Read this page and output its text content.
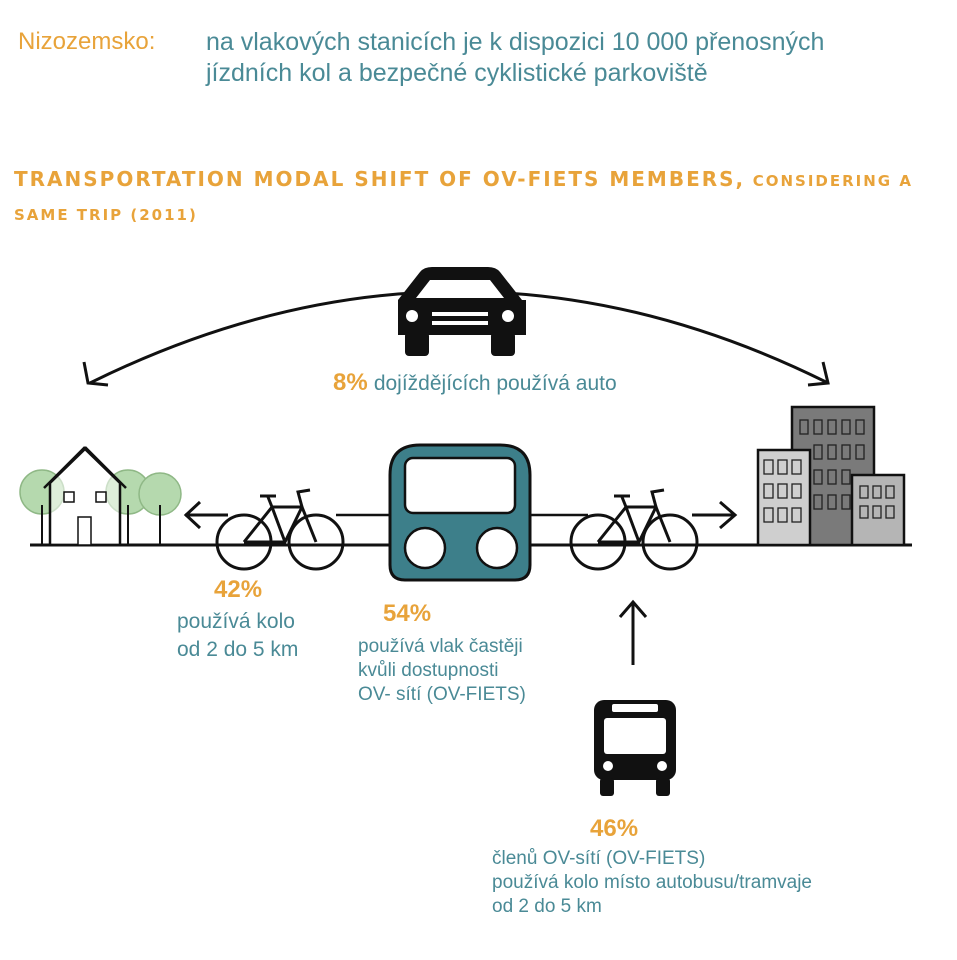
Nizozemsko: na vlakových stanicích je k dispozici 10 000 přenosných jízdních kol a bezpečné cyklistické parkoviště
TRANSPORTATION MODAL SHIFT OF OV-FIETS MEMBERS, CONSIDERING A SAME TRIP (2011)
8% dojíždějících používá auto
42%
používá kolo
od 2 do 5 km
54%
používá vlak častěji
kvůli dostupnosti
OV- sítí (OV-FIETS)
46%
členů OV-sítí (OV-FIETS)
používá kolo místo autobusu/tramvaje
od 2 do 5 km
